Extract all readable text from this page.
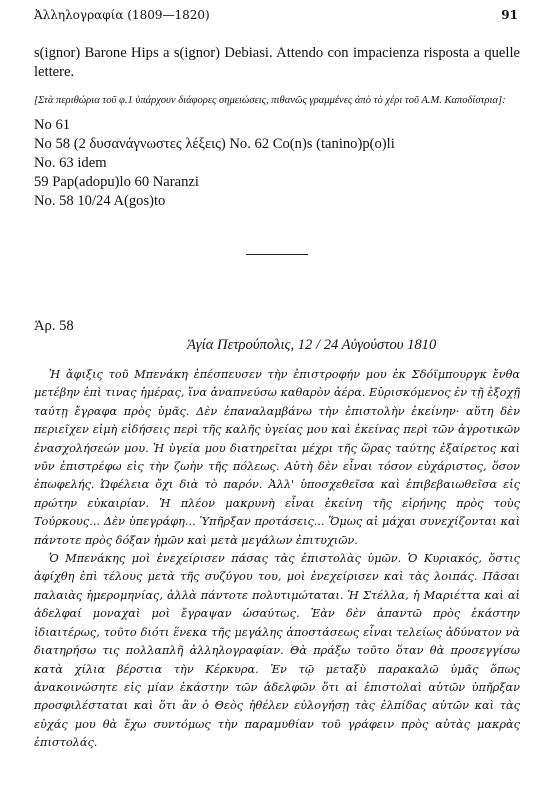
Ἀλληλογραφία (1809—1820)	91
s(ignor) Barone Hips a s(ignor) Debiasi. Attendo con impacienza risposta a quelle lettere.
[Στὰ περιθώρια τοῦ φ.1 ὑπάρχουν διάφορες σημειώσεις, πιθανῶς γραμμένες ἀπὸ τὸ χέρι τοῦ Α.Μ. Καποδίστρια]:
No 61
No 58 (2 δυσανάγνωστες λέξεις) No. 62 Co(n)s (tanino)p(o)li
No. 63 idem
59 Pap(adopu)lo 60 Naranzi
No. 58 10/24 A(gos)to
Ἀρ. 58
Ἁγία Πετρούπολις, 12 / 24 Αὐγούστου 1810

Ἡ ἄφιξις τοῦ Μπενάκη ἐπέσπευσεν τὴν ἐπιστροφήν μου ἐκ Σδόϊμπουργκ ἔνθα μετέβην ἐπὶ τινας ἡμέρας, ἵνα ἀναπνεύσω καθαρὸν ἀέρα. Εὑρισκόμενος ἐν τῇ ἐξοχῇ ταύτῃ ἔγραφα πρὸς ὑμᾶς. Δὲν ἐπαναλαμβάνω τὴν ἐπιστολὴν ἐκείνην· αὕτη δὲν περιεῖχεν εἰμὴ εἰδήσεις περὶ τῆς καλῆς ὑγείας μου καὶ ἐκείνας περὶ τῶν ἀγροτικῶν ἐνασχολήσεών μου. Ἡ ὑγεία μου διατηρεῖται μέχρι τῆς ὥρας ταύτης ἐξαίρετος καὶ νῦν ἐπιστρέφω εἰς τὴν ζωὴν τῆς πόλεως. Αὐτὴ δὲν εἶναι τόσον εὐχάριστος, ὅσον ἐπωφελής. Ὠφέλεια ὄχι διὰ τὸ παρόν. Ἀλλ' ὑποσχεθεῖσα καὶ ἐπιβεβαιωθεῖσα εἰς πρώτην εὐκαιρίαν. Ἡ πλέον μακρυνὴ εἶναι ἐκείνη τῆς εἰρήνης πρὸς τοὺς Τούρκους... Δὲν ὑπεγράφη... Ὑπῆρξαν προτάσεις... Ὅμως αἱ μάχαι συνεχίζονται καὶ πάντοτε πρὸς δόξαν ἡμῶν καὶ μετὰ μεγάλων ἐπιτυχιῶν.

Ὁ Μπενάκης μοὶ ἐνεχείρισεν πάσας τὰς ἐπιστολὰς ὑμῶν. Ὁ Κυριακός, ὅστις ἀφίχθη ἐπὶ τέλους μετὰ τῆς συζύγου του, μοὶ ἐνεχείρισεν καὶ τὰς λοιπάς. Πᾶσαι παλαιὰς ἡμερομηνίας, ἀλλὰ πάντοτε πολυτιμώταται. Ἡ Στέλλα, ἡ Μαριέττα καὶ αἱ ἀδελφαί μοναχαὶ μοὶ ἔγραψαν ὡσαύτως. Ἐὰν δὲν ἀπαντῶ πρὸς ἑκάστην ἰδιαιτέρως, τοῦτο διότι ἕνεκα τῆς μεγάλης ἀποστάσεως εἶναι τελείως ἀδύνατον νὰ διατηρήσω τις πολλαπλῆ ἀλληλογραφίαν. Θὰ πράξω τοῦτο ὅταν θὰ προσεγγίσω κατὰ χίλια βέρστια τὴν Κέρκυρα. Ἐν τῷ μεταξὺ παρακαλῶ ὑμᾶς ὅπως ἀνακοινώσητε εἰς μίαν ἑκάστην τῶν ἀδελφῶν ὅτι αἱ ἐπιστολαὶ αὐτῶν ὑπῆρξαν προσφιλέσταται καὶ ὅτι ἂν ὁ Θεὸς ἠθέλεν εὐλογήσῃ τὰς ἐλπίδας αὐτῶν καὶ τὰς εὐχάς μου θὰ ἔχω συντόμως τὴν παραμυθίαν τοῦ γράφειν πρὸς αὐτὰς μακρὰς ἐπιστολάς.
